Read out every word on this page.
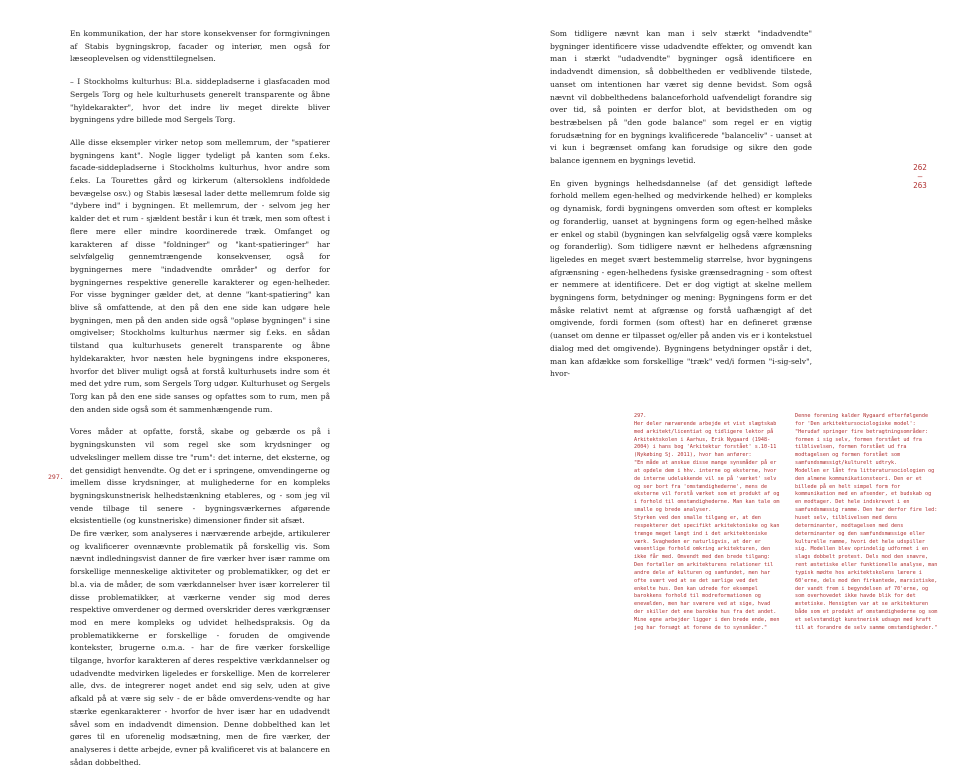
En kommunikation, der har store konsekvenser for formgivningen af Stabis bygningskrop, facader og interiør, men også for læseoplevelsen og vidensttilegnelsen.

– I Stockholms kulturhus: Bl.a. siddepladserne i glasfacaden mod Sergels Torg og hele kulturhusets generelt transparente og åbne "hyldekarakter", hvor det indre liv meget direkte bliver bygningens ydre billede mod Sergels Torg.

Alle disse eksempler virker netop som mellemrum, der "spatierer bygningens kant". Nogle ligger tydeligt på kanten som f.eks. facade-siddepladserne i Stockholms kulturhus, hvor andre som f.eks. La Tourettes gård og kirkerum (altersoklens indfoldede bevægelse osv.) og Stabis læsesal lader dette mellemrum folde sig "dybere ind" i bygningen. Et mellemrum, der - selvom jeg her kalder det et rum - sjældent består i kun ét træk, men som oftest i flere mere eller mindre koordinerede træk. Omfanget og karakteren af disse "foldninger" og "kant-spatieringer" har selvfølgelig gennemtrængende konsekvenser, også for bygningernes mere "indadvendte områder" og derfor for bygningernes respektive generelle karakterer og egen-helheder. For visse bygninger gælder det, at denne "kant-spatiering" kan blive så omfattende, at den på den ene side kan udgøre hele bygningen, men på den anden side også "opløse bygningen" i sine omgivelser; Stockholms kulturhus nærmer sig f.eks. en sådan tilstand qua kulturhusets generelt transparente og åbne hyldekarakter, hvor næsten hele bygningens indre eksponeres, hvorfor det bliver muligt også at forstå kulturhusets indre som ét med det ydre rum, som Sergels Torg udgør. Kulturhuset og Sergels Torg kan på den ene side sanses og opfattes som to rum, men på den anden side også som ét sammenhængende rum.

Vores måder at opfatte, forstå, skabe og gebærde os på i bygningskunsten vil som regel ske som krydsninger og udvekslinger mellem disse tre "rum": det interne, det eksterne, og det gensidigt henvendte. Og det er i springene, omvendingerne og imellem disse krydsninger, at mulighederne for en kompleks bygningskunstnerisk helhedstænkning etableres, og - som jeg vil vende tilbage til senere - bygningsværkernes afgørende eksistentielle (og kunstneriske) dimensioner finder sit afsæt.

De fire værker, som analyseres i nærværende arbejde, artikulerer og kvalificerer ovennævnte problematik på forskellig vis. Som nævnt indledningsvist danner de fire værker hver især ramme om forskellige menneskelige aktiviteter og problematikker, og det er bl.a. via de måder, de som værkdannelser hver især korrelerer til disse problematikker, at værkerne vender sig mod deres respektive omverdener og dermed overskrider deres værkgrænser mod en mere kompleks og udvidet helhedspraksis. Og da problematikkerne er forskellige - foruden de omgivende kontekster, brugerne o.m.a. - har de fire værker forskellige tilgange, hvorfor karakteren af deres respektive værkdannelser og udadvendte medvirken ligeledes er forskellige. Men de korrelerer alle, dvs. de integrerer noget andet end sig selv, uden at give afkald på at være sig selv - de er både omverdens-vendte og har stærke egenkarakterer - hvorfor de hver især har en udadvendt såvel som en indadvendt dimension. Denne dobbelthed kan let gøres til en uforenelig modsætning, men de fire værker, der analyseres i dette arbejde, evner på kvalificeret vis at balancere en sådan dobbelthed.

297.

Som tidligere nævnt kan man i selv stærkt "indadvendte" bygninger identificere visse udadvendte effekter, og omvendt kan man i stærkt "udadvendte" bygninger også identificere en indadvendt dimension, så dobbeltheden er vedblivende tilstede, uanset om intentionen har været sig denne bevidst. Som også nævnt vil dobbelthedens balanceforhold uafvendeligt forandre sig over tid, så pointen er derfor blot, at bevidstheden om og bestræbelsen på "den gode balance" som regel er en vigtig forudsætning for en bygnings kvalificerede "balanceliv" - uanset at vi kun i begrænset omfang kan forudsige og sikre den gode balance igennem en bygnings levetid.

En given bygnings helhedsdannelse (af det gensidigt løftede forhold mellem egen-helhed og medvirkende helhed) er komplеks og dynamisk, fordi bygningens omverden som oftest er kompleks og foranderlig, uanset at bygningens form og egen-helhed måske er enkel og stabil (bygningen kan selvfølgelig også være kompleks og foranderlig). Som tidligere nævnt er helhedens afgrænsning ligeledes en meget svært bestemmelig størrelse, hvor bygningens afgrænsning - egen-helhedens fysiske grænsedragning - som oftest er nemmere at identificere. Det er dog vigtigt at skelne mellem bygningens form, betydninger og mening: Bygningens form er det måske relativt nemt at afgrænse og forstå uafhængigt af det omgivende, fordi formen (som oftest) har en defineret grænse (uanset om denne er tilpasset og/eller på anden vis er i kontekstuel dialog med det omgivende). Bygningens betydninger opstår i det, man kan afdække som forskellige "træk" ved/i formen "i-sig-selv", hvor-

262
—
263
297.
Her deler nærværende arbejde et vist slægtskab med arkitekt/licentiat og tidligere lektor på Arkitektskolen i Aarhus, Erik Nygaard (1948-2004) i hans bog 'Arkitektur forstået' s.10-11 (Nykøbing Sj. 2011), hvor han anfører:
"En måde at anskue disse mange synsmåder på er at opdele dem i hhv. interne og eksterne, hvor de interne udelukkende vil se på 'værket' selv og ser bort fra 'omstændighederne', mens de eksterne vil forstå værket som et produkt af og i forhold til omstændighederne. Man kan tale om smalle og brede analyser.
Styrken ved den smalle tilgang er, at den respekterer det specifikt arkitektoniske og kan trænge meget langt ind i det arkitektoniske værk. Svagheden er naturligvis, at der er væsentlige forhold omkring arkitekturen, den ikke får med. Omvendt med den brede tilgang: Den fortæller om arkitekturens relationer til andre dele af kulturen og samfundet, men har ofte svært ved at se det særlige ved det enkelte hus. Den kan udrede for eksempel barokkens forhold til modreformationen og enevælden, men har sværere ved at sige, hvad der skiller det ene barokke hus fra det andet.
Mine egne arbejder ligger i den brede ende, men jeg har forsøgt at forene de to synsmåder."
Denne forening kalder Nygaard efterfølgende for 'Den arkitektursociologiske model':
"Herudaf springer fire betragtningsområder: formen i sig selv, formen forstået ud fra tilblivelsen, formen forstået ud fra modtagelsen og formen forstået som samfundsmæssigt/kulturelt udtryk.
Modellen er lånt fra litteratursociologien og den almene kommunikationsteori. Den er et billede på en helt simpel form for kommunikation med en afsender, et budskab og en modtager. Det hele indskrevet i en samfundsmæssig ramme. Den har derfor fire led: huset selv, tilblivelsen med dens determinanter, modtagelsen med dens determinanter og den samfundsmæssige eller kulturelle ramme, hvori det hele udspiller sig. Modellen blev oprindelig udformet i en slags dobbelt protest. Dels mod den snævre, rent æstetiske eller funktionelle analyse, man typisk mødte hos arkitektskolens lærere i 60'erne, dels mod den firkantede, marxistiske, der vandt frem i begyndelsen af 70'erne, og som overhovedet ikke havde blik for det æstetiske. Hensigten var at se arkitekturen både som et produkt af omstændighederne og som et selvstændigt kunstnerisk udsagn med kraft til at forandre de selv samme omstændigheder."
